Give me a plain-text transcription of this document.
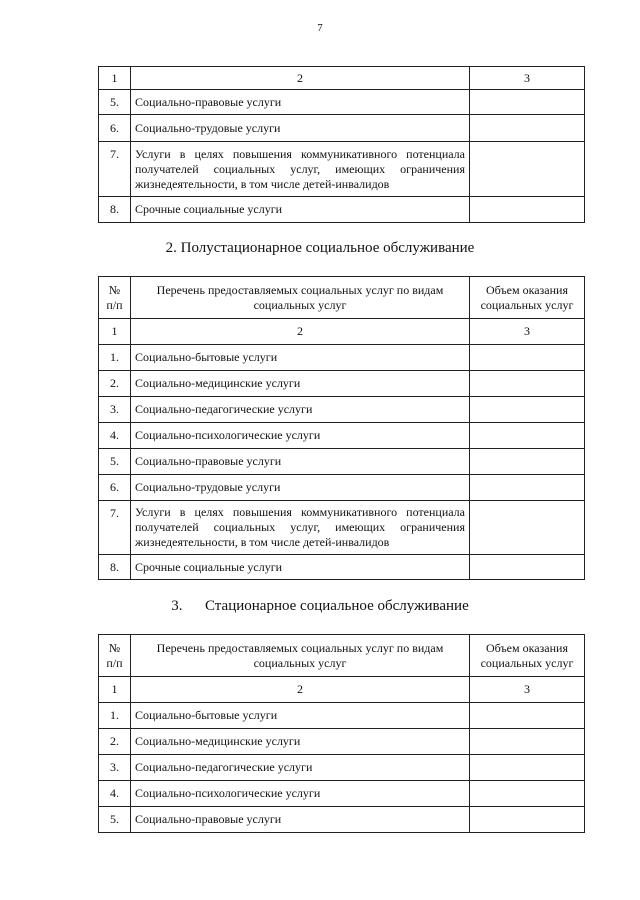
7
1	2	3
5.	Социально-правовые услуги	
6.	Социально-трудовые услуги	
7.	Услуги в целях повышения коммуникативного потенциала получателей социальных услуг, имеющих ограничения жизнедеятельности, в том числе детей-инвалидов	
8.	Срочные социальные услуги	
2. Полустационарное социальное обслуживание
№ п/п	Перечень предоставляемых социальных услуг по видам социальных услуг	Объем оказания социальных услуг
1	2	3
1.	Социально-бытовые услуги	
2.	Социально-медицинские услуги	
3.	Социально-педагогические услуги	
4.	Социально-психологические услуги	
5.	Социально-правовые услуги	
6.	Социально-трудовые услуги	
7.	Услуги в целях повышения коммуникативного потенциала получателей социальных услуг, имеющих ограничения жизнедеятельности, в том числе детей-инвалидов	
8.	Срочные социальные услуги	
3.      Стационарное социальное обслуживание
№ п/п	Перечень предоставляемых социальных услуг по видам социальных услуг	Объем оказания социальных услуг
1	2	3
1.	Социально-бытовые услуги	
2.	Социально-медицинские услуги	
3.	Социально-педагогические услуги	
4.	Социально-психологические услуги	
5.	Социально-правовые услуги	
